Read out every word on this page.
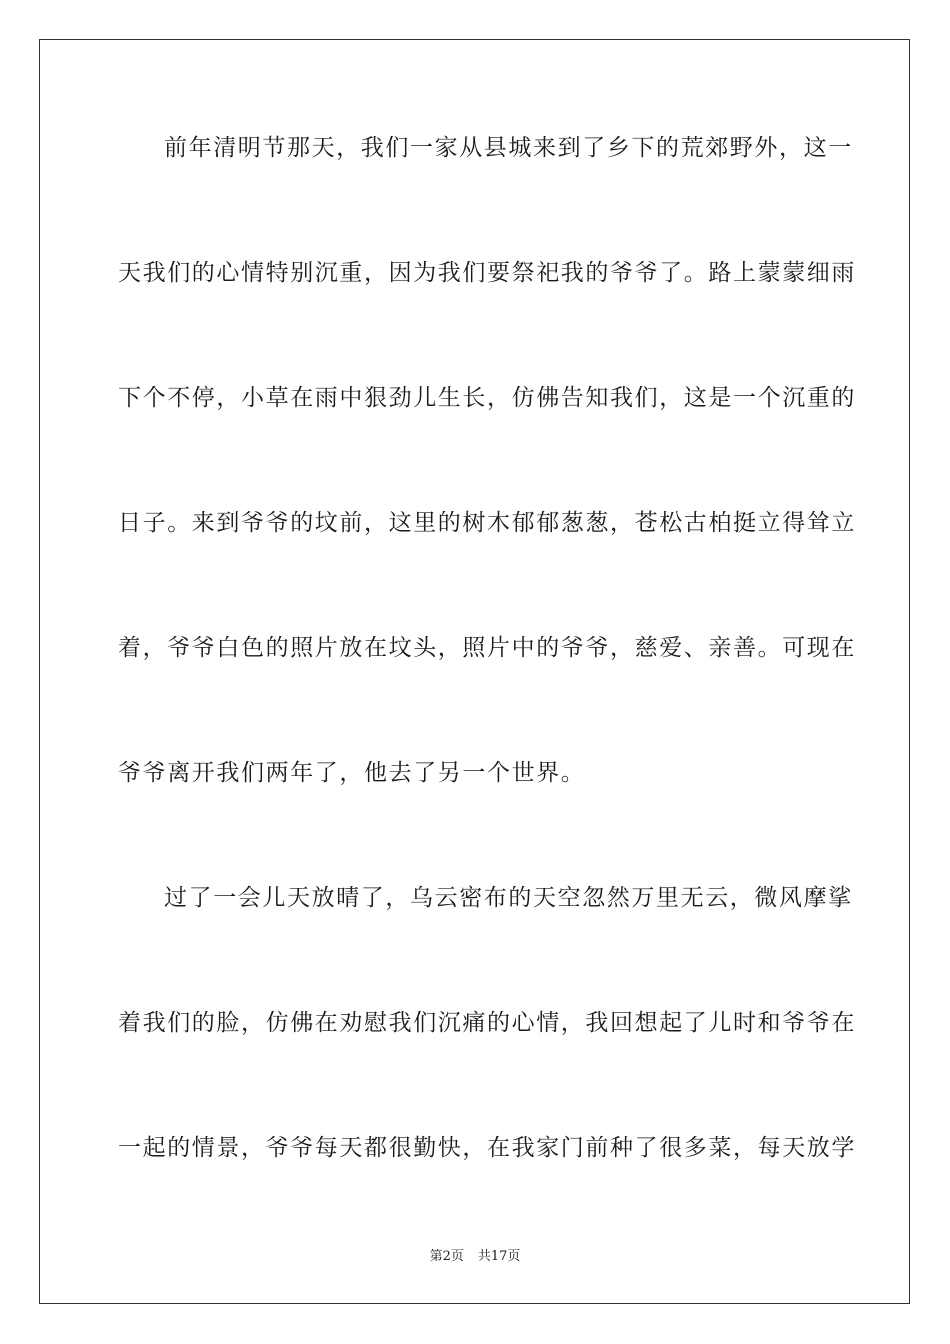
前年清明节那天，我们一家从县城来到了乡下的荒郊野外，这一
天我们的心情特别沉重，因为我们要祭祀我的爷爷了。路上蒙蒙细雨
下个不停，小草在雨中狠劲儿生长，仿佛告知我们，这是一个沉重的
日子。来到爷爷的坟前，这里的树木郁郁葱葱，苍松古柏挺立得耸立
着，爷爷白色的照片放在坟头，照片中的爷爷，慈爱、亲善。可现在
爷爷离开我们两年了，他去了另一个世界。
过了一会儿天放晴了，乌云密布的天空忽然万里无云，微风摩挲
着我们的脸，仿佛在劝慰我们沉痛的心情，我回想起了儿时和爷爷在
一起的情景，爷爷每天都很勤快，在我家门前种了很多菜，每天放学
第2页 共17页
